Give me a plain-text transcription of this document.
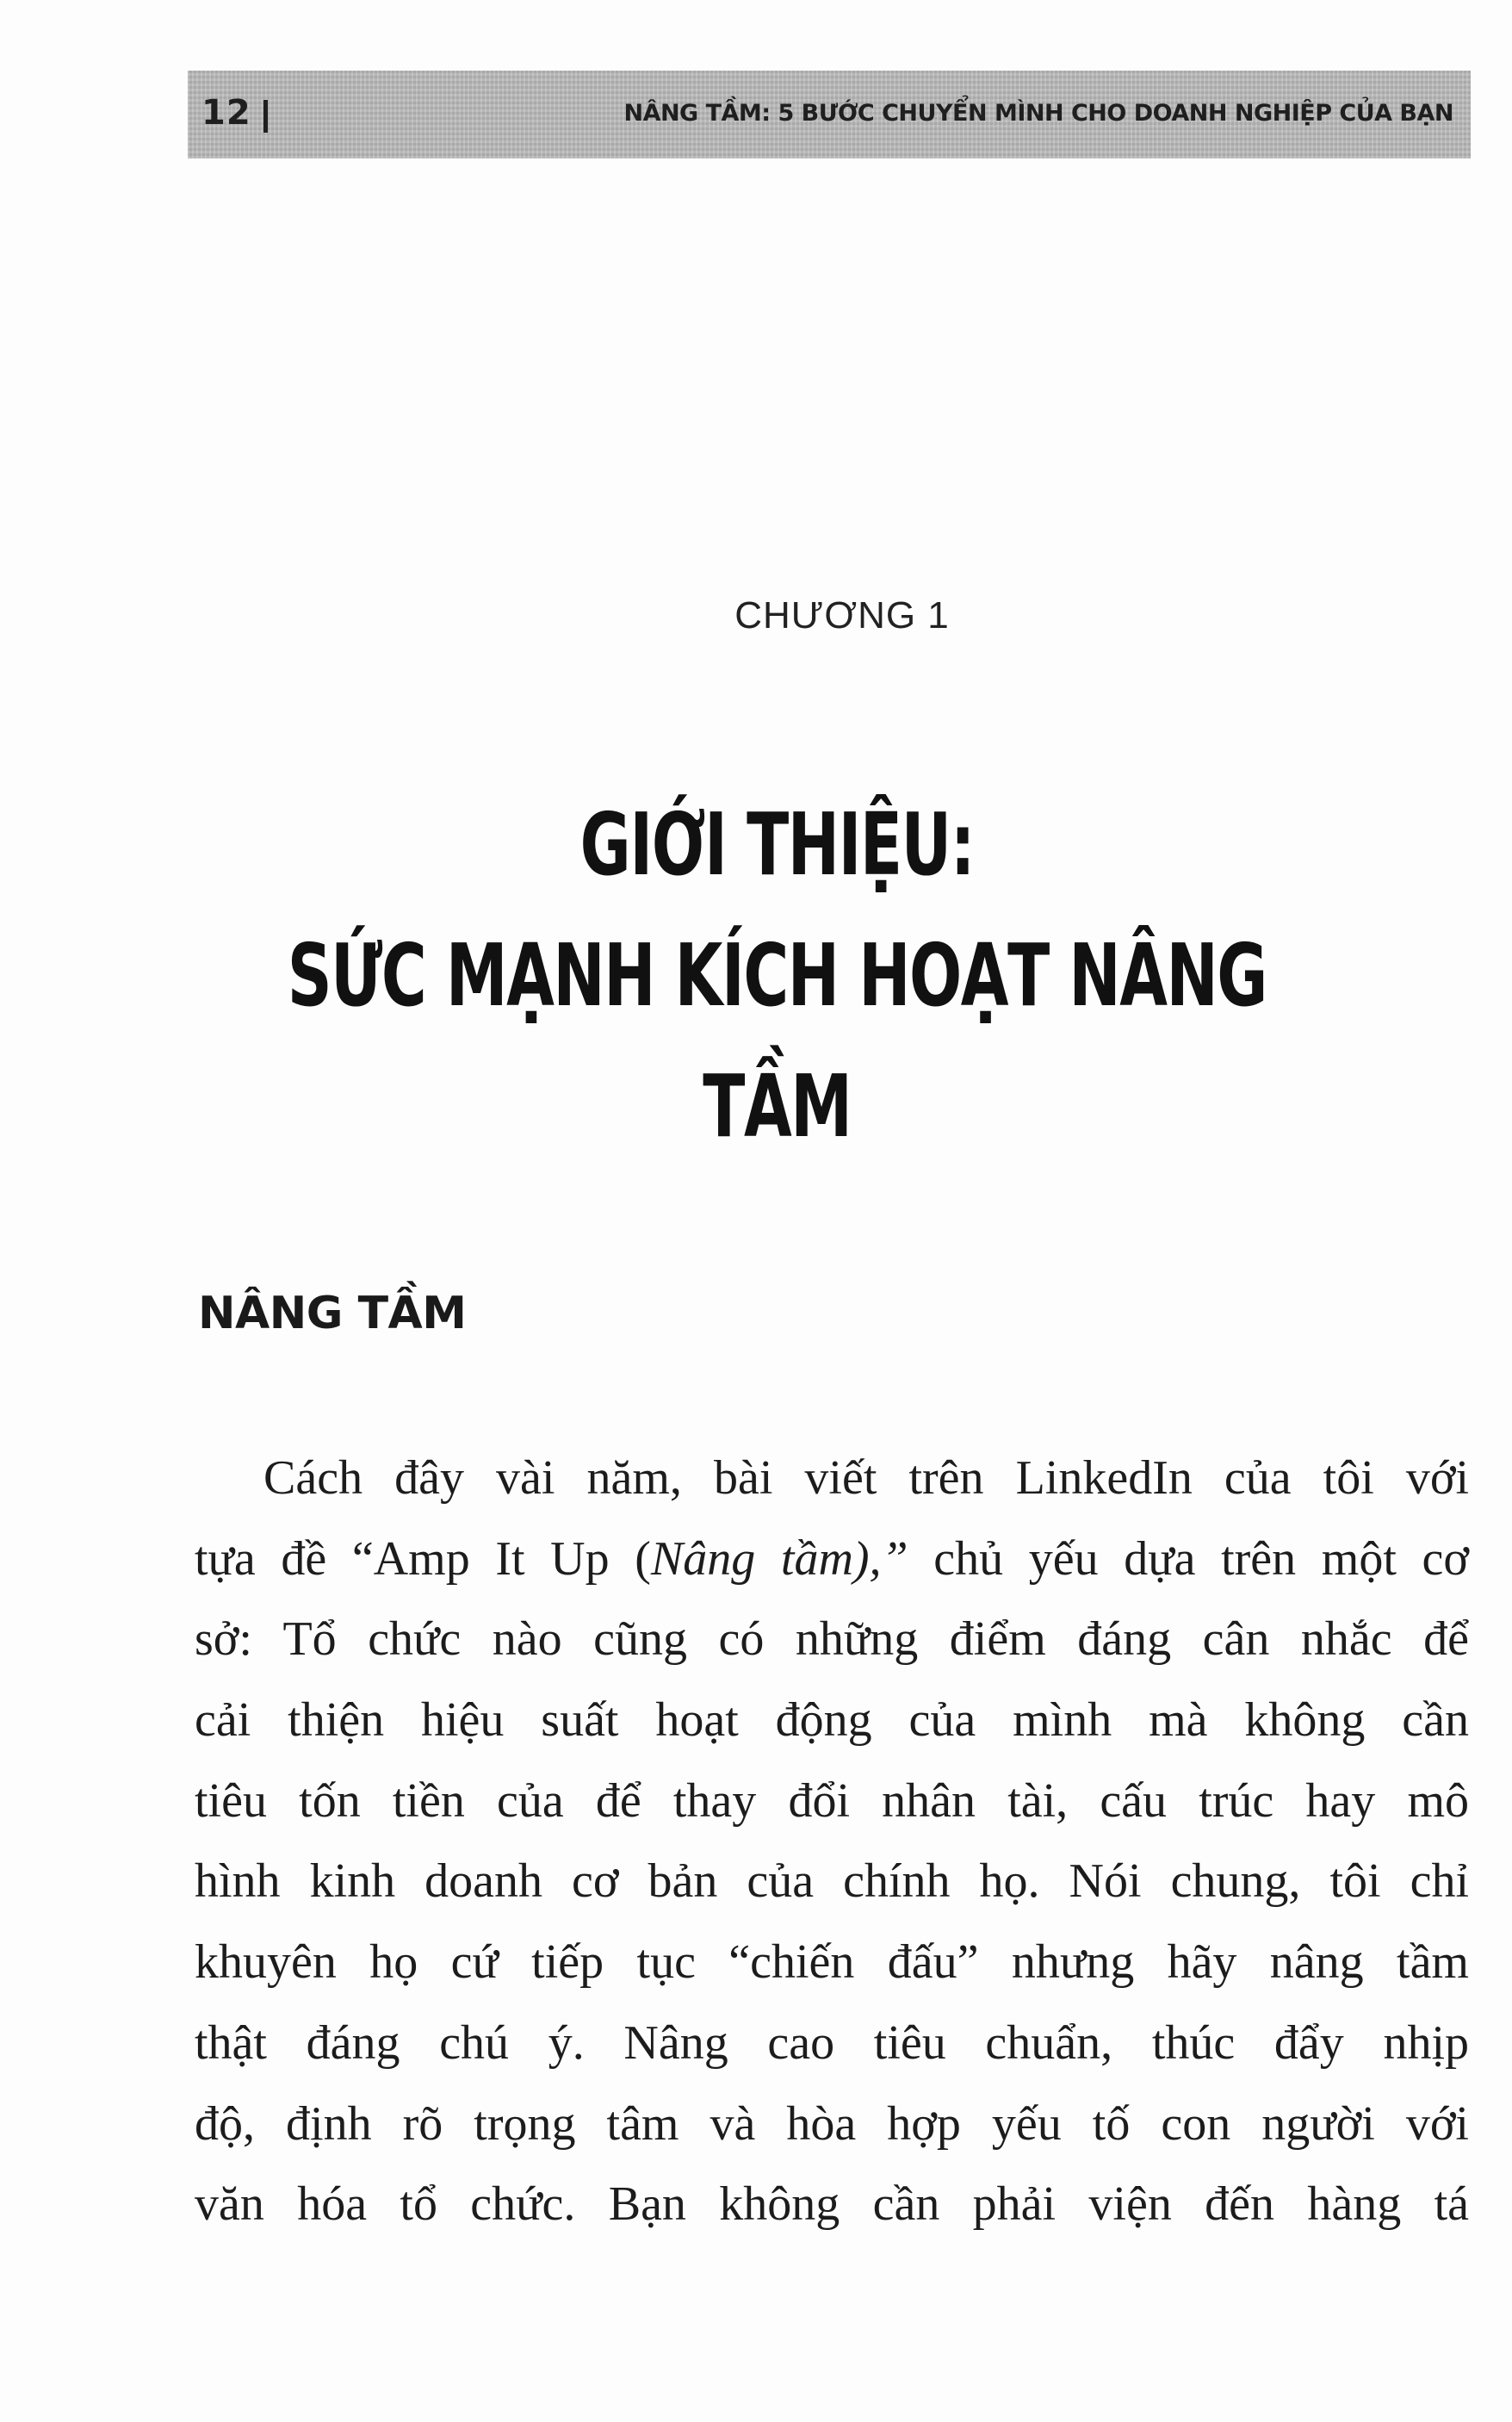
12	NÂNG TẦM: 5 BƯỚC CHUYỂN MÌNH CHO DOANH NGHIỆP CỦA BẠN
CHƯƠNG 1
GIỚI THIỆU:
SỨC MẠNH KÍCH HOẠT NÂNG TẦM
NÂNG TẦM
Cách đây vài năm, bài viết trên LinkedIn của tôi với
tựa đề “Amp It Up (Nâng tầm),” chủ yếu dựa trên một cơ
sở: Tổ chức nào cũng có những điểm đáng cân nhắc để
cải thiện hiệu suất hoạt động của mình mà không cần
tiêu tốn tiền của để thay đổi nhân tài, cấu trúc hay mô
hình kinh doanh cơ bản của chính họ. Nói chung, tôi chỉ
khuyên họ cứ tiếp tục “chiến đấu” nhưng hãy nâng tầm
thật đáng chú ý. Nâng cao tiêu chuẩn, thúc đẩy nhịp
độ, định rõ trọng tâm và hòa hợp yếu tố con người với
văn hóa tổ chức. Bạn không cần phải viện đến hàng tá
